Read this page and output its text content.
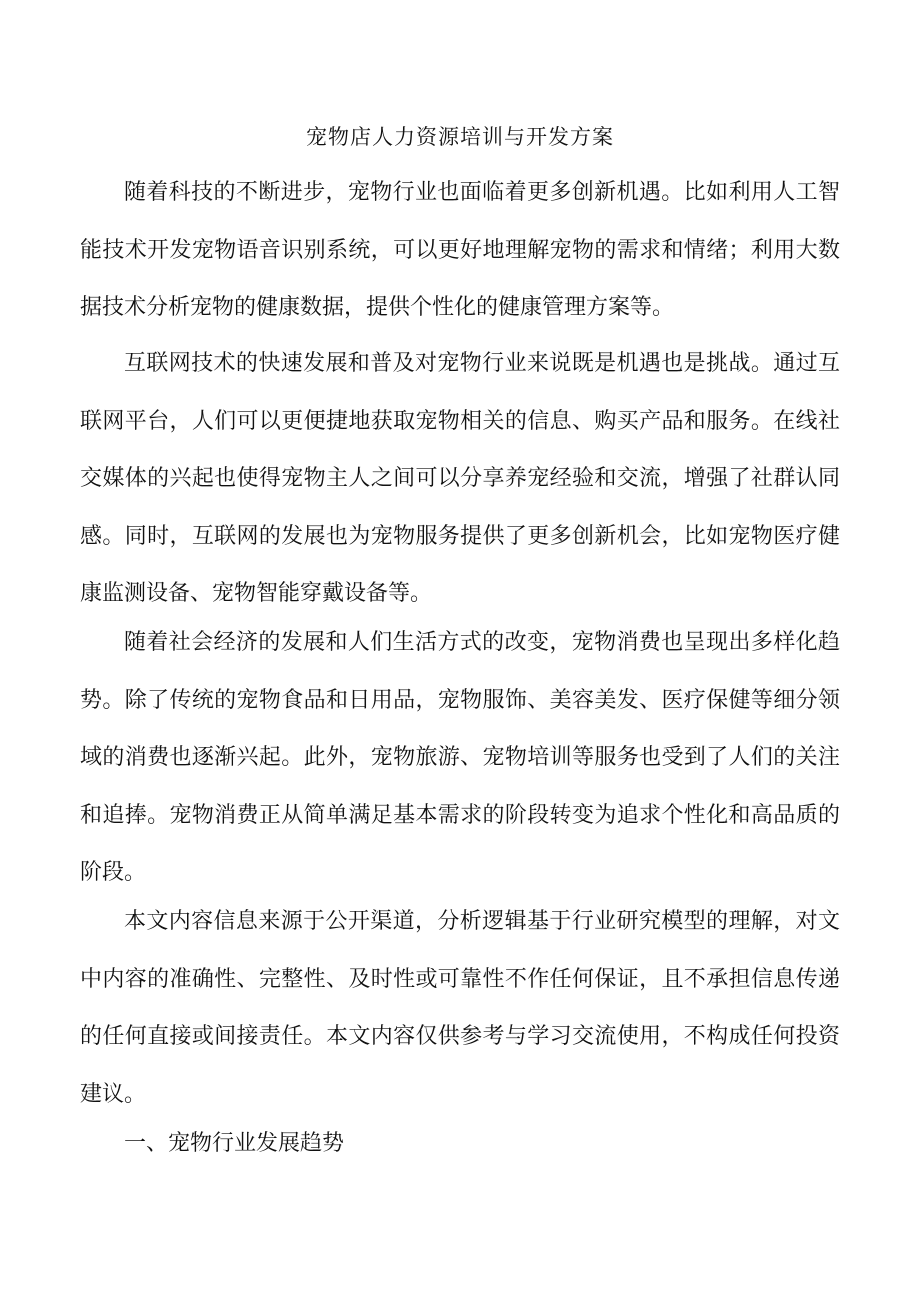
宠物店人力资源培训与开发方案

随着科技的不断进步，宠物行业也面临着更多创新机遇。比如利用人工智能技术开发宠物语音识别系统，可以更好地理解宠物的需求和情绪；利用大数据技术分析宠物的健康数据，提供个性化的健康管理方案等。

互联网技术的快速发展和普及对宠物行业来说既是机遇也是挑战。通过互联网平台，人们可以更便捷地获取宠物相关的信息、购买产品和服务。在线社交媒体的兴起也使得宠物主人之间可以分享养宠经验和交流，增强了社群认同感。同时，互联网的发展也为宠物服务提供了更多创新机会，比如宠物医疗健康监测设备、宠物智能穿戴设备等。

随着社会经济的发展和人们生活方式的改变，宠物消费也呈现出多样化趋势。除了传统的宠物食品和日用品，宠物服饰、美容美发、医疗保健等细分领域的消费也逐渐兴起。此外，宠物旅游、宠物培训等服务也受到了人们的关注和追捧。宠物消费正从简单满足基本需求的阶段转变为追求个性化和高品质的阶段。

本文内容信息来源于公开渠道，分析逻辑基于行业研究模型的理解，对文中内容的准确性、完整性、及时性或可靠性不作任何保证，且不承担信息传递的任何直接或间接责任。本文内容仅供参考与学习交流使用，不构成任何投资建议。

一、宠物行业发展趋势
